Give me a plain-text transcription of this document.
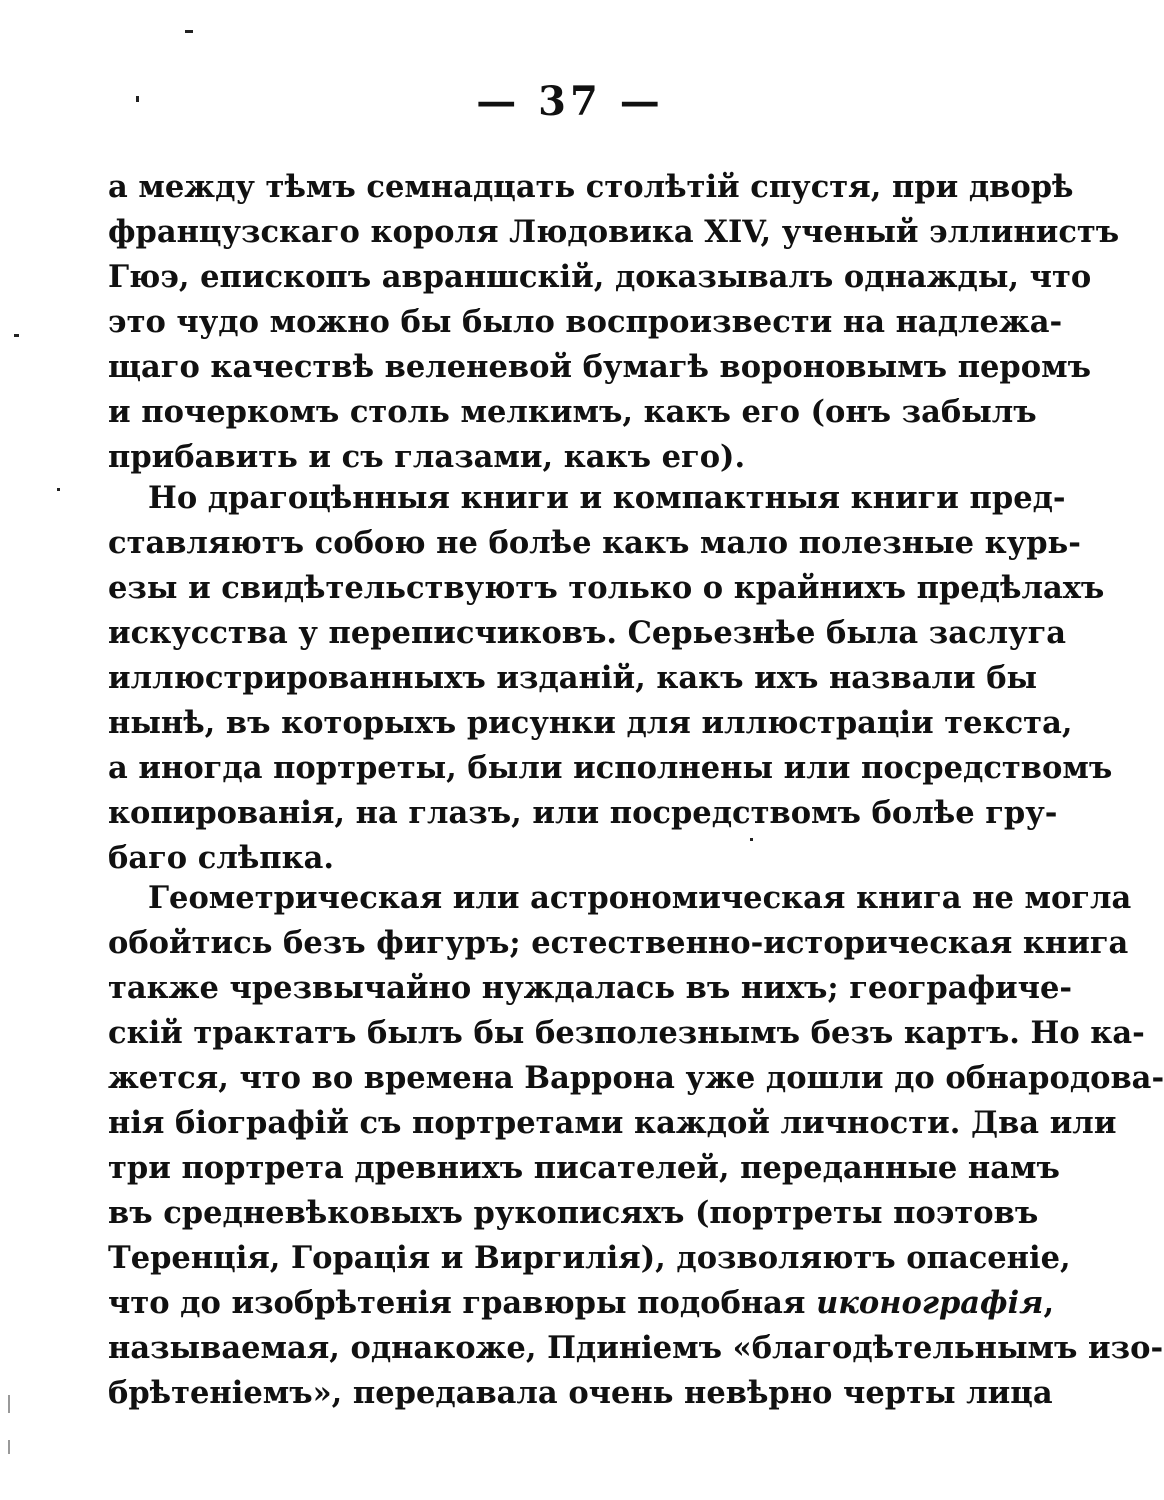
— 37 —
а между тѣмъ семнадцать столѣтій спустя, при дворѣ
французскаго короля Людовика XIV, ученый эллинистъ
Гюэ, епископъ авраншскій, доказывалъ однажды, что
это чудо можно бы было воспроизвести на надлежа-
щаго качествѣ веленевой бумагѣ вороновымъ перомъ
и почеркомъ столь мелкимъ, какъ его (онъ забылъ
прибавить и съ глазами, какъ его).
Но драгоцѣнныя книги и компактныя книги пред-
ставляютъ собою не болѣе какъ мало полезные курь-
езы и свидѣтельствуютъ только о крайнихъ предѣлахъ
искусства у переписчиковъ. Серьезнѣе была заслуга
иллюстрированныхъ изданій, какъ ихъ назвали бы
нынѣ, въ которыхъ рисунки для иллюстраціи текста,
а иногда портреты, были исполнены или посредствомъ
копированія, на глазъ, или посредствомъ болѣе гру-
баго слѣпка.
Геометрическая или астрономическая книга не могла
обойтись безъ фигуръ; естественно-историческая книга
также чрезвычайно нуждалась въ нихъ; географиче-
скій трактатъ былъ бы безполезнымъ безъ картъ. Но ка-
жется, что во времена Варрона уже дошли до обнародова-
нія біографій съ портретами каждой личности. Два или
три портрета древнихъ писателей, переданные намъ
въ средневѣковыхъ рукописяхъ (портреты поэтовъ
Теренція, Горація и Виргилія), дозволяютъ опасеніе,
что до изобрѣтенія гравюры подобная иконографія,
называемая, однакоже, Пдиніемъ «благодѣтельнымъ изо-
брѣтеніемъ», передавала очень невѣрно черты лица
